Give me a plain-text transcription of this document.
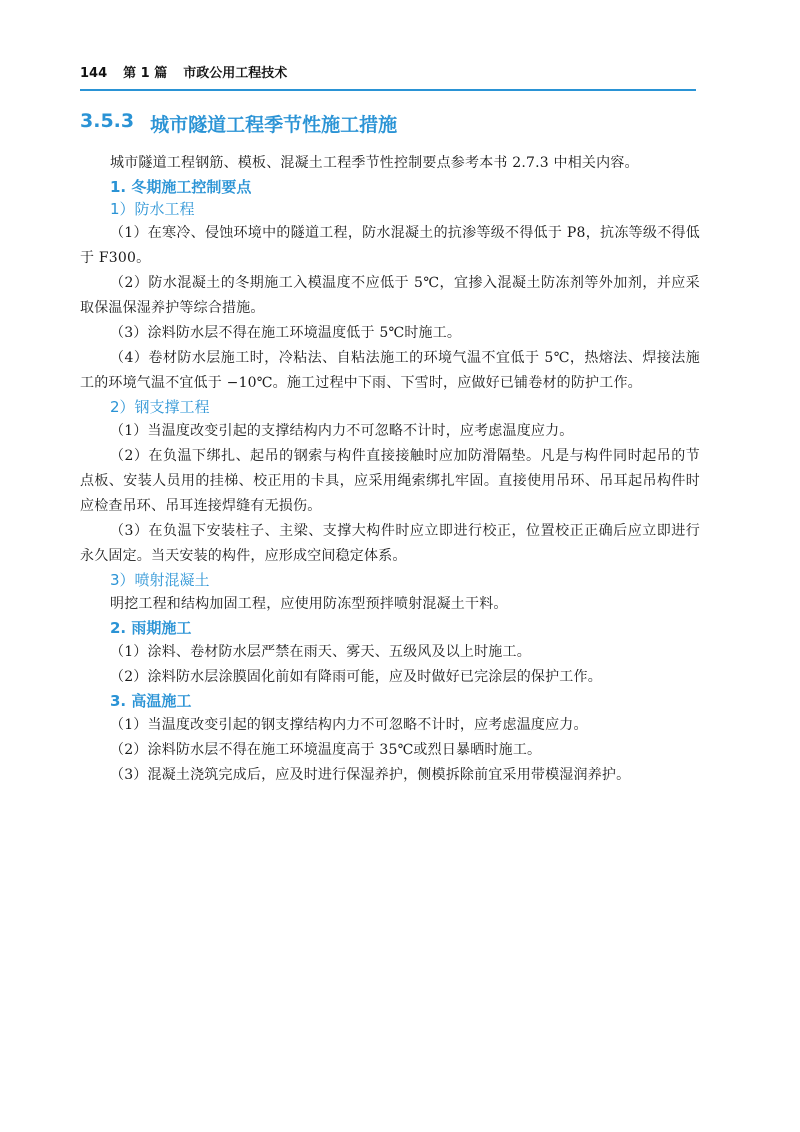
144 第 1 篇 市政公用工程技术
3.5.3 城市隧道工程季节性施工措施

城市隧道工程钢筋、模板、混凝土工程季节性控制要点参考本书 2.7.3 中相关内容。

1. 冬期施工控制要点
1）防水工程

（1）在寒冷、侵蚀环境中的隧道工程，防水混凝土的抗渗等级不得低于 P8，抗冻等级不得低于 F300。

（2）防水混凝土的冬期施工入模温度不应低于 5℃，宜掺入混凝土防冻剂等外加剂，并应采取保温保湿养护等综合措施。

（3）涂料防水层不得在施工环境温度低于 5℃时施工。

（4）卷材防水层施工时，冷粘法、自粘法施工的环境气温不宜低于 5℃，热熔法、焊接法施工的环境气温不宜低于 −10℃。施工过程中下雨、下雪时，应做好已铺卷材的防护工作。

2）钢支撑工程

（1）当温度改变引起的支撑结构内力不可忽略不计时，应考虑温度应力。

（2）在负温下绑扎、起吊的钢索与构件直接接触时应加防滑隔垫。凡是与构件同时起吊的节点板、安装人员用的挂梯、校正用的卡具，应采用绳索绑扎牢固。直接使用吊环、吊耳起吊构件时应检查吊环、吊耳连接焊缝有无损伤。

（3）在负温下安装柱子、主梁、支撑大构件时应立即进行校正，位置校正正确后应立即进行永久固定。当天安装的构件，应形成空间稳定体系。

3）喷射混凝土

明挖工程和结构加固工程，应使用防冻型预拌喷射混凝土干料。

2. 雨期施工

（1）涂料、卷材防水层严禁在雨天、雾天、五级风及以上时施工。

（2）涂料防水层涂膜固化前如有降雨可能，应及时做好已完涂层的保护工作。

3. 高温施工

（1）当温度改变引起的钢支撑结构内力不可忽略不计时，应考虑温度应力。

（2）涂料防水层不得在施工环境温度高于 35℃或烈日暴晒时施工。

（3）混凝土浇筑完成后，应及时进行保湿养护，侧模拆除前宜采用带模湿润养护。
